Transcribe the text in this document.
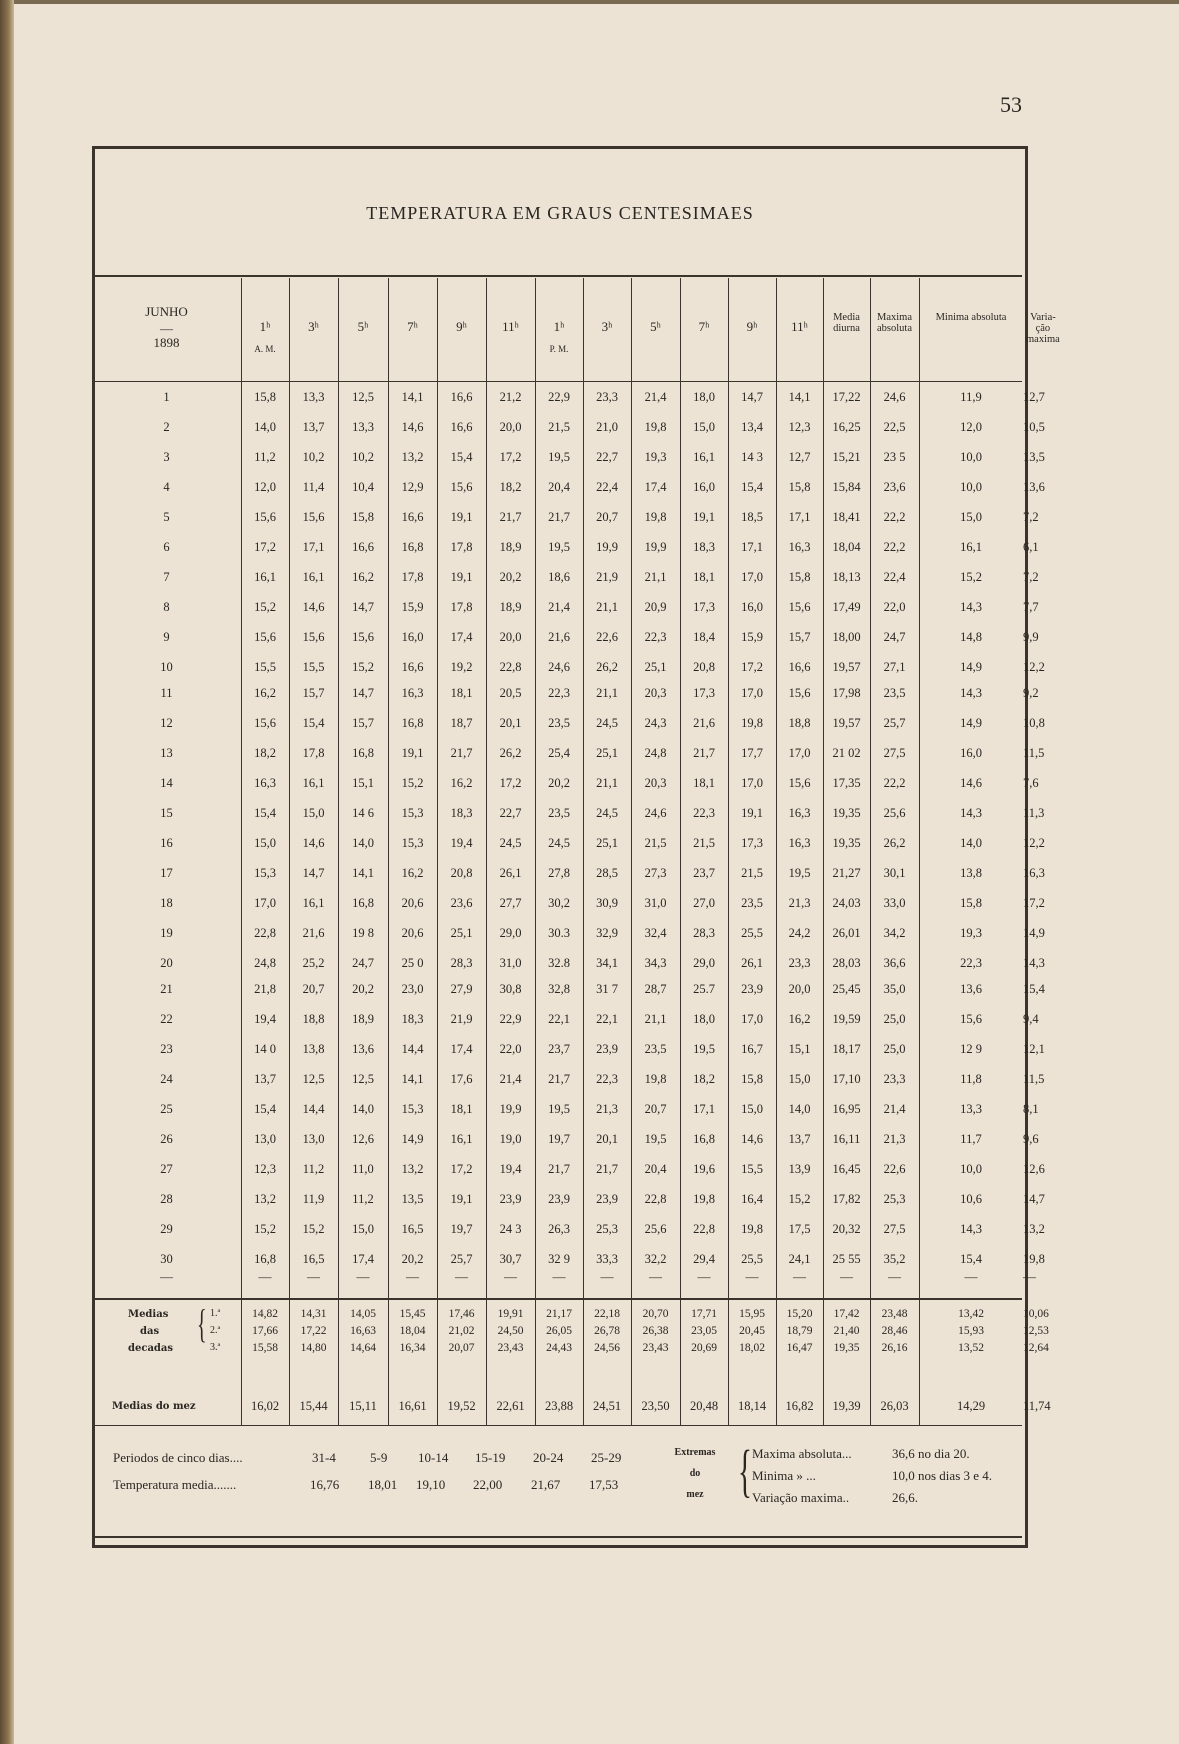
53
TEMPERATURA EM GRAUS CENTESIMAES
JUNHO
—
1898
1ʰ	3ʰ	5ʰ	7ʰ	9ʰ	11ʰ	1ʰ	3ʰ	5ʰ	7ʰ	9ʰ	11ʰ
A. M.	P. M.
Media diurna
Maxima absoluta
Minima absoluta	Varia-ção maxima
1	15,8	13,3	12,5	14,1	16,6	21,2	22,9	23,3	21,4	18,0	14,7	14,1	17,22	24,6	11,9	12,7
2	14,0	13,7	13,3	14,6	16,6	20,0	21,5	21,0	19,8	15,0	13,4	12,3	16,25	22,5	12,0	10,5
3	11,2	10,2	10,2	13,2	15,4	17,2	19,5	22,7	19,3	16,1	14 3	12,7	15,21	23 5	10,0	13,5
4	12,0	11,4	10,4	12,9	15,6	18,2	20,4	22,4	17,4	16,0	15,4	15,8	15,84	23,6	10,0	13,6
5	15,6	15,6	15,8	16,6	19,1	21,7	21,7	20,7	19,8	19,1	18,5	17,1	18,41	22,2	15,0	7,2
6	17,2	17,1	16,6	16,8	17,8	18,9	19,5	19,9	19,9	18,3	17,1	16,3	18,04	22,2	16,1	6,1
7	16,1	16,1	16,2	17,8	19,1	20,2	18,6	21,9	21,1	18,1	17,0	15,8	18,13	22,4	15,2	7,2
8	15,2	14,6	14,7	15,9	17,8	18,9	21,4	21,1	20,9	17,3	16,0	15,6	17,49	22,0	14,3	7,7
9	15,6	15,6	15,6	16,0	17,4	20,0	21,6	22,6	22,3	18,4	15,9	15,7	18,00	24,7	14,8	9,9
10	15,5	15,5	15,2	16,6	19,2	22,8	24,6	26,2	25,1	20,8	17,2	16,6	19,57	27,1	14,9	12,2
11	16,2	15,7	14,7	16,3	18,1	20,5	22,3	21,1	20,3	17,3	17,0	15,6	17,98	23,5	14,3	9,2
12	15,6	15,4	15,7	16,8	18,7	20,1	23,5	24,5	24,3	21,6	19,8	18,8	19,57	25,7	14,9	10,8
13	18,2	17,8	16,8	19,1	21,7	26,2	25,4	25,1	24,8	21,7	17,7	17,0	21 02	27,5	16,0	11,5
14	16,3	16,1	15,1	15,2	16,2	17,2	20,2	21,1	20,3	18,1	17,0	15,6	17,35	22,2	14,6	7,6
15	15,4	15,0	14 6	15,3	18,3	22,7	23,5	24,5	24,6	22,3	19,1	16,3	19,35	25,6	14,3	11,3
16	15,0	14,6	14,0	15,3	19,4	24,5	24,5	25,1	21,5	21,5	17,3	16,3	19,35	26,2	14,0	12,2
17	15,3	14,7	14,1	16,2	20,8	26,1	27,8	28,5	27,3	23,7	21,5	19,5	21,27	30,1	13,8	16,3
18	17,0	16,1	16,8	20,6	23,6	27,7	30,2	30,9	31,0	27,0	23,5	21,3	24,03	33,0	15,8	17,2
19	22,8	21,6	19 8	20,6	25,1	29,0	30.3	32,9	32,4	28,3	25,5	24,2	26,01	34,2	19,3	14,9
20	24,8	25,2	24,7	25 0	28,3	31,0	32.8	34,1	34,3	29,0	26,1	23,3	28,03	36,6	22,3	14,3
21	21,8	20,7	20,2	23,0	27,9	30,8	32,8	31 7	28,7	25.7	23,9	20,0	25,45	35,0	13,6	15,4
22	19,4	18,8	18,9	18,3	21,9	22,9	22,1	22,1	21,1	18,0	17,0	16,2	19,59	25,0	15,6	9,4
23	14 0	13,8	13,6	14,4	17,4	22,0	23,7	23,9	23,5	19,5	16,7	15,1	18,17	25,0	12 9	12,1
24	13,7	12,5	12,5	14,1	17,6	21,4	21,7	22,3	19,8	18,2	15,8	15,0	17,10	23,3	11,8	11,5
25	15,4	14,4	14,0	15,3	18,1	19,9	19,5	21,3	20,7	17,1	15,0	14,0	16,95	21,4	13,3	8,1
26	13,0	13,0	12,6	14,9	16,1	19,0	19,7	20,1	19,5	16,8	14,6	13,7	16,11	21,3	11,7	9,6
27	12,3	11,2	11,0	13,2	17,2	19,4	21,7	21,7	20,4	19,6	15,5	13,9	16,45	22,6	10,0	12,6
28	13,2	11,9	11,2	13,5	19,1	23,9	23,9	23,9	22,8	19,8	16,4	15,2	17,82	25,3	10,6	14,7
29	15,2	15,2	15,0	16,5	19,7	24 3	26,3	25,3	25,6	22,8	19,8	17,5	20,32	27,5	14,3	13,2
30	16,8	16,5	17,4	20,2	25,7	30,7	32 9	33,3	32,2	29,4	25,5	24,1	25 55	35,2	15,4	19,8
—	—	—	—	—	—	—	—	—	—	—	—	—	—	—	—	—
Medias
das
decadas
{ 1.ª
2.ª
3.ª
14,82	14,31	14,05	15,45	17,46	19,91	21,17	22,18	20,70	17,71	15,95	15,20	17,42	23,48	13,42	10,06
17,66	17,22	16,63	18,04	21,02	24,50	26,05	26,78	26,38	23,05	20,45	18,79	21,40	28,46	15,93	12,53
15,58	14,80	14,64	16,34	20,07	23,43	24,43	24,56	23,43	20,69	18,02	16,47	19,35	26,16	13,52	12,64
Medias do mez	16,02	15,44	15,11	16,61	19,52	22,61	23,88	24,51	23,50	20,48	18,14	16,82	19,39	26,03	14,29	11,74
Periodos de cinco dias....
Temperatura media.......
31-4	5-9 10-14 15-19 20-24 25-29
16,76 18,01 19,10 22,00 21,67 17,53
Extremas
do
mez { Maxima absoluta...	36,6 no dia 20.
Minima » ...	10,0 nos dias 3 e 4.
Variação maxima..	26,6.
